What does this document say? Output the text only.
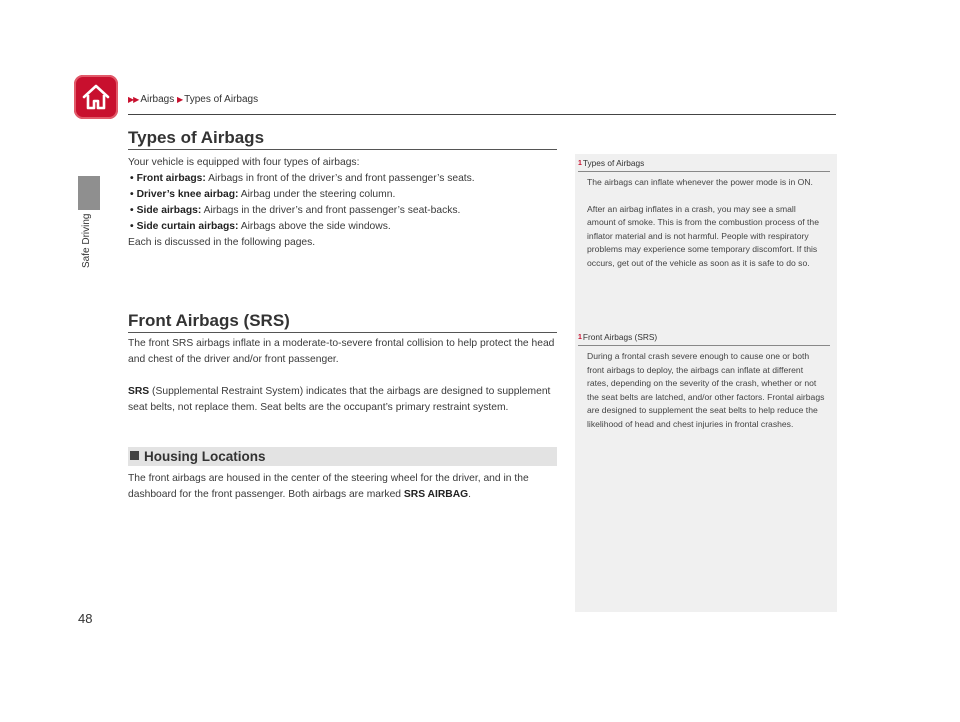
▶▶ Airbags ▶ Types of Airbags
Safe Driving
48
Types of Airbags

Your vehicle is equipped with four types of airbags:

• Front airbags: Airbags in front of the driver’s and front passenger’s seats.

• Driver’s knee airbag: Airbag under the steering column.

• Side airbags: Airbags in the driver’s and front passenger’s seat-backs.

• Side curtain airbags: Airbags above the side windows.

Each is discussed in the following pages.

Front Airbags (SRS)

The front SRS airbags inflate in a moderate-to-severe frontal collision to help protect the head and chest of the driver and/or front passenger.

SRS (Supplemental Restraint System) indicates that the airbags are designed to supplement seat belts, not replace them. Seat belts are the occupant’s primary restraint system.

Housing Locations

The front airbags are housed in the center of the steering wheel for the driver, and in the dashboard for the front passenger. Both airbags are marked SRS AIRBAG.

1Types of Airbags

The airbags can inflate whenever the power mode is in ON.

After an airbag inflates in a crash, you may see a small amount of smoke. This is from the combustion process of the inflator material and is not harmful. People with respiratory problems may experience some temporary discomfort. If this occurs, get out of the vehicle as soon as it is safe to do so.

1Front Airbags (SRS)

During a frontal crash severe enough to cause one or both front airbags to deploy, the airbags can inflate at different rates, depending on the severity of the crash, whether or not the seat belts are latched, and/or other factors. Frontal airbags are designed to supplement the seat belts to help reduce the likelihood of head and chest injuries in frontal crashes.
